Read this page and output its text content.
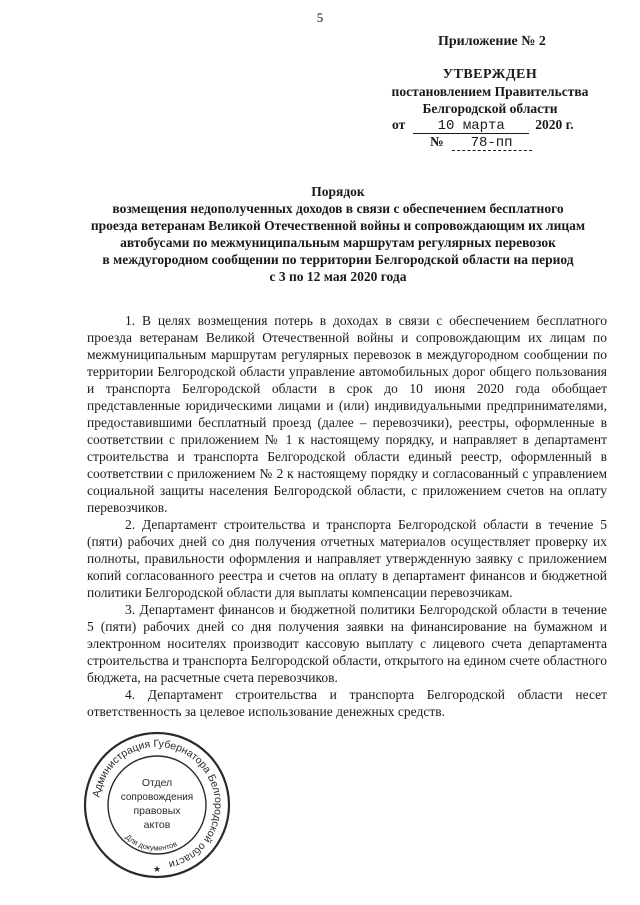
5
Приложение № 2
УТВЕРЖДЕН
постановлением Правительства
Белгородской области
от 10 марта 2020 г.
№ 78-пп
Порядок
возмещения недополученных доходов в связи с обеспечением бесплатного
проезда ветеранам Великой Отечественной войны и сопровождающим их лицам
автобусами по межмуниципальным маршрутам регулярных перевозок
в междугородном сообщении по территории Белгородской области на период
с 3 по 12 мая 2020 года

1. В целях возмещения потерь в доходах в связи с обеспечением бесплатного проезда ветеранам Великой Отечественной войны и сопровождающим их лицам по межмуниципальным маршрутам регулярных перевозок в междугородном сообщении по территории Белгородской области управление автомобильных дорог общего пользования и транспорта Белгородской области в срок до 10 июня 2020 года обобщает представленные юридическими лицами и (или) индивидуальными предпринимателями, предоставившими бесплатный проезд (далее – перевозчики), реестры, оформленные в соответствии с приложением № 1 к настоящему порядку, и направляет в департамент строительства и транспорта Белгородской области единый реестр, оформленный в соответствии с приложением № 2 к настоящему порядку и согласованный с управлением социальной защиты населения Белгородской области, с приложением счетов на оплату перевозчиков.

2. Департамент строительства и транспорта Белгородской области в течение 5 (пяти) рабочих дней со дня получения отчетных материалов осуществляет проверку их полноты, правильности оформления и направляет утвержденную заявку с приложением копий согласованного реестра и счетов на оплату в департамент финансов и бюджетной политики Белгородской области для выплаты компенсации перевозчикам.

3. Департамент финансов и бюджетной политики Белгородской области в течение 5 (пяти) рабочих дней со дня получения заявки на финансирование на бумажном и электронном носителях производит кассовую выплату с лицевого счета департамента строительства и транспорта Белгородской области, открытого на едином счете областного бюджета, на расчетные счета перевозчиков.

4. Департамент строительства и транспорта Белгородской области несет ответственность за целевое использование денежных средств.

Администрация Губернатора Белгородской области
Отдел
сопровождения
правовых
актов
Для документов
★
